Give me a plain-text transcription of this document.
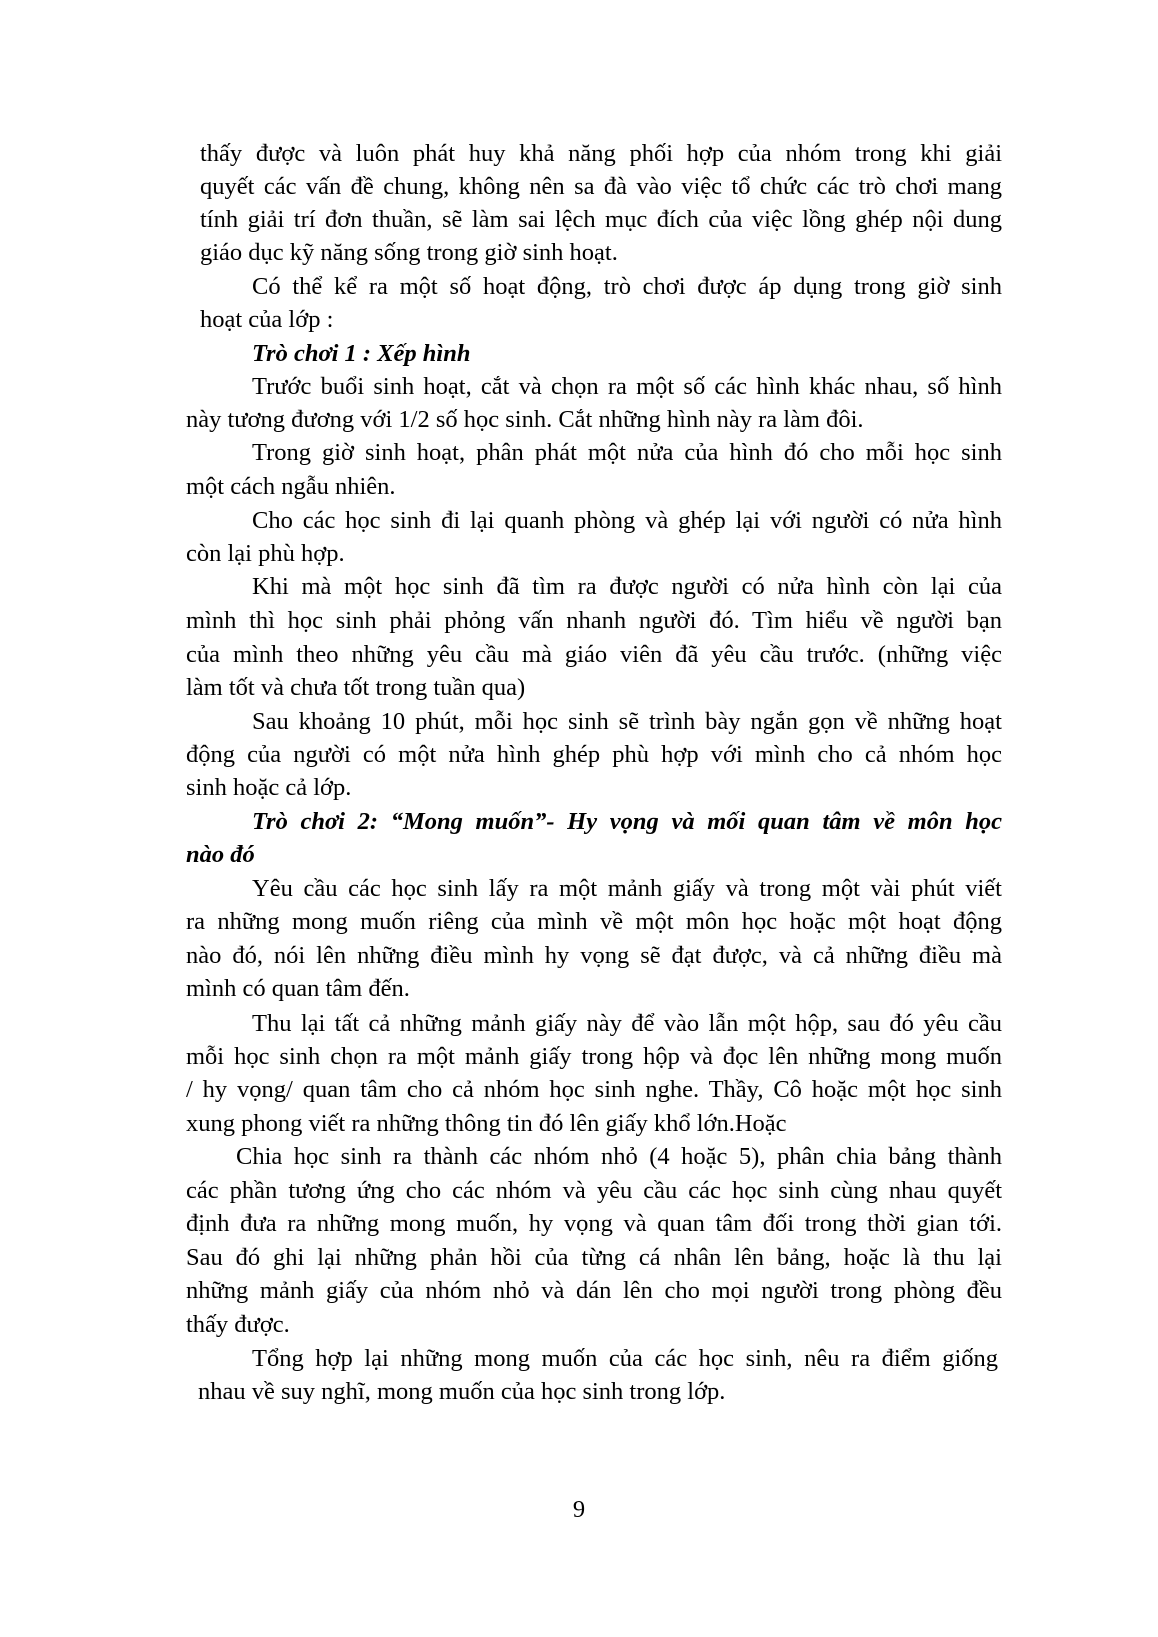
thấy được và luôn phát huy khả năng phối hợp của nhóm trong khi giải
quyết các vấn đề chung, không nên sa đà vào việc tổ chức các trò chơi mang
tính giải trí đơn thuần, sẽ làm sai lệch mục đích của việc lồng ghép nội dung
giáo dục kỹ năng sống trong giờ sinh hoạt.
Có thể kể ra một số hoạt động, trò chơi được áp dụng trong giờ sinh
hoạt của lớp :
Trò chơi 1 : Xếp hình
Trước buổi sinh hoạt, cắt và chọn ra một số các hình khác nhau, số hình
này tương đương với 1/2 số học sinh. Cắt những hình này ra làm đôi.
Trong giờ sinh hoạt, phân phát một nửa của hình đó cho mỗi học sinh
một cách ngẫu nhiên.
Cho các học sinh đi lại quanh phòng và ghép lại với người có nửa hình
còn lại phù hợp.
Khi mà một học sinh đã tìm ra được người có nửa hình còn lại của
mình thì học sinh phải phỏng vấn nhanh người đó. Tìm hiểu về người bạn
của mình theo những yêu cầu mà giáo viên đã yêu cầu trước. (những việc
làm tốt và chưa tốt trong tuần qua)
Sau khoảng 10 phút, mỗi học sinh sẽ trình bày ngắn gọn về những hoạt
động của người có một nửa hình ghép phù hợp với mình cho cả nhóm học
sinh hoặc cả lớp.
Trò chơi 2: “Mong muốn”- Hy vọng và mối quan tâm về môn học
nào đó
Yêu cầu các học sinh lấy ra một mảnh giấy và trong một vài phút viết
ra những mong muốn riêng của mình về một môn học hoặc một hoạt động
nào đó, nói lên những điều mình hy vọng sẽ đạt được, và cả những điều mà
mình có quan tâm đến.
Thu lại tất cả những mảnh giấy này để vào lẫn một hộp, sau đó yêu cầu
mỗi học sinh chọn ra một mảnh giấy trong hộp và đọc lên những mong muốn
/ hy vọng/ quan tâm cho cả nhóm học sinh nghe. Thầy, Cô hoặc một học sinh
xung phong viết ra những thông tin đó lên giấy khổ lớn.Hoặc
Chia học sinh ra thành các nhóm nhỏ (4 hoặc 5), phân chia bảng thành
các phần tương ứng cho các nhóm và yêu cầu các học sinh cùng nhau quyết
định đưa ra những mong muốn, hy vọng và quan tâm đối trong thời gian tới.
Sau đó ghi lại những phản hồi của từng cá nhân lên bảng, hoặc là thu lại
những mảnh giấy của nhóm nhỏ và dán lên cho mọi người trong phòng đều
thấy được.
Tổng hợp lại những mong muốn của các học sinh, nêu ra điểm giống
nhau về suy nghĩ, mong muốn của học sinh trong lớp.
9
